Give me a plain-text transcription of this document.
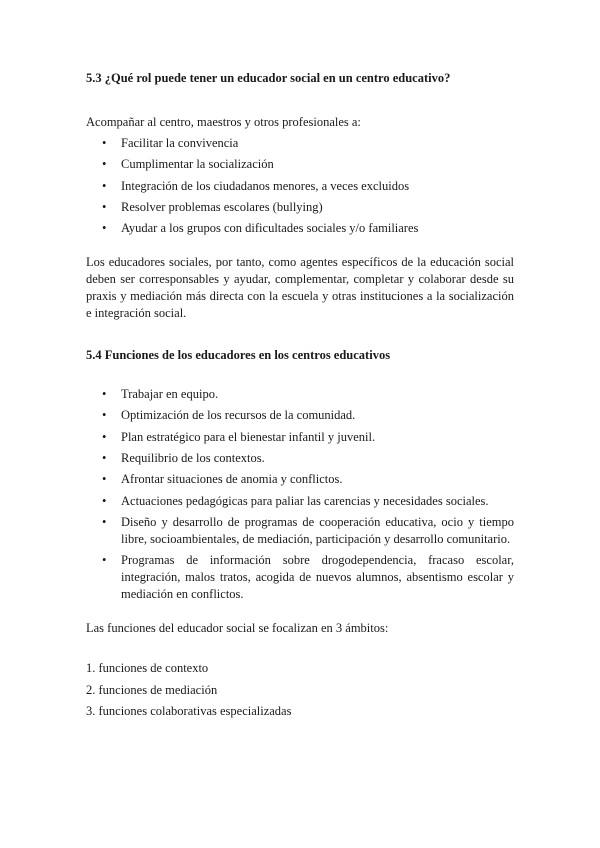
5.3 ¿Qué rol puede tener un educador social en un centro educativo?

Acompañar al centro, maestros y otros profesionales a:

• Facilitar la convivencia
• Cumplimentar la socialización
• Integración de los ciudadanos menores, a veces excluidos
• Resolver problemas escolares (bullying)
• Ayudar a los grupos con dificultades sociales y/o familiares

Los educadores sociales, por tanto, como agentes específicos de la educación social deben ser corresponsables y ayudar, complementar, completar y colaborar desde su praxis y mediación más directa con la escuela y otras instituciones a la socialización e integración social.

5.4 Funciones de los educadores en los centros educativos
• Trabajar en equipo.
• Optimización de los recursos de la comunidad.
• Plan estratégico para el bienestar infantil y juvenil.
• Requilibrio de los contextos.
• Afrontar situaciones de anomia y conflictos.
• Actuaciones pedagógicas para paliar las carencias y necesidades sociales.
• Diseño y desarrollo de programas de cooperación educativa, ocio y tiempo libre, socioambientales, de mediación, participación y desarrollo comunitario.
• Programas de información sobre drogodependencia, fracaso escolar, integración, malos tratos, acogida de nuevos alumnos, absentismo escolar y mediación en conflictos.

Las funciones del educador social se focalizan en 3 ámbitos:

1. funciones de contexto
2. funciones de mediación
3. funciones colaborativas especializadas
